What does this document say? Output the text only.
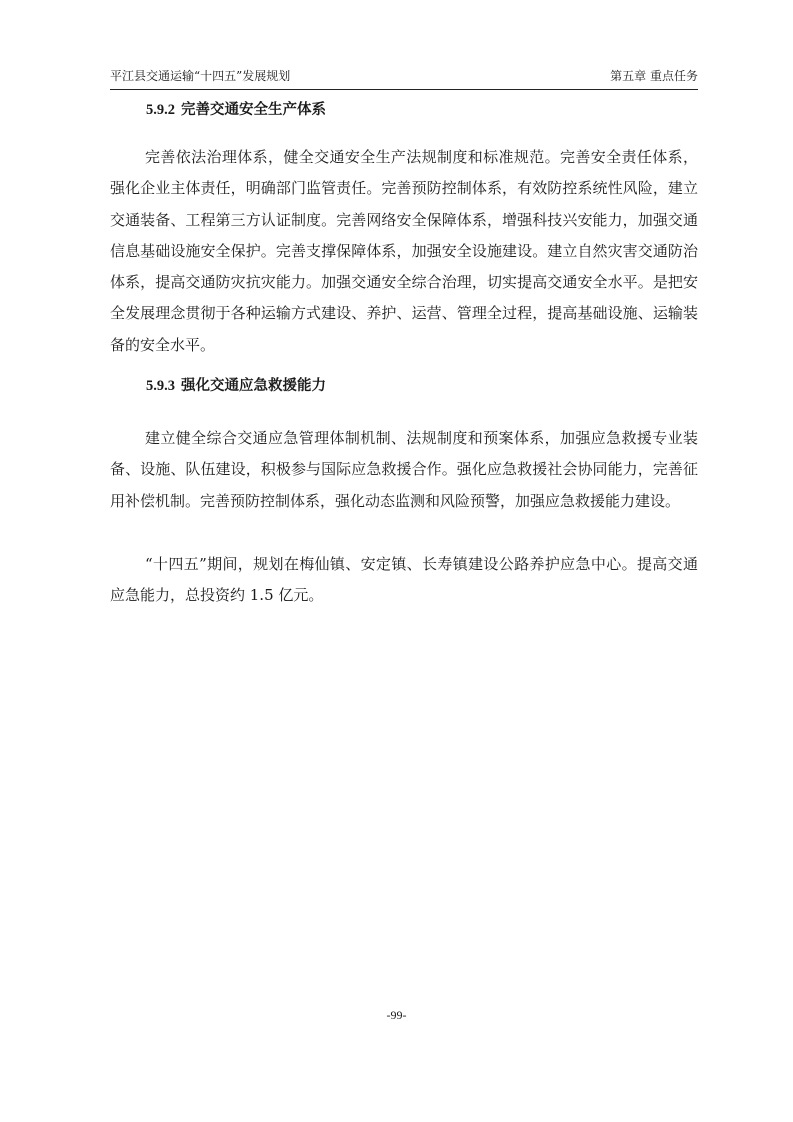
平江县交通运输“十四五”发展规划	第五章 重点任务
5.9.2 完善交通安全生产体系

完善依法治理体系，健全交通安全生产法规制度和标准规范。完善安全责任体系，强化企业主体责任，明确部门监管责任。完善预防控制体系，有效防控系统性风险，建立交通装备、工程第三方认证制度。完善网络安全保障体系，增强科技兴安能力，加强交通信息基础设施安全保护。完善支撑保障体系，加强安全设施建设。建立自然灾害交通防治体系，提高交通防灾抗灾能力。加强交通安全综合治理，切实提高交通安全水平。是把安全发展理念贯彻于各种运输方式建设、养护、运营、管理全过程，提高基础设施、运输装备的安全水平。

5.9.3 强化交通应急救援能力

建立健全综合交通应急管理体制机制、法规制度和预案体系，加强应急救援专业装备、设施、队伍建设，积极参与国际应急救援合作。强化应急救援社会协同能力，完善征用补偿机制。完善预防控制体系，强化动态监测和风险预警，加强应急救援能力建设。

“十四五”期间，规划在梅仙镇、安定镇、长寿镇建设公路养护应急中心。提高交通应急能力，总投资约 1.5 亿元。

-99-
